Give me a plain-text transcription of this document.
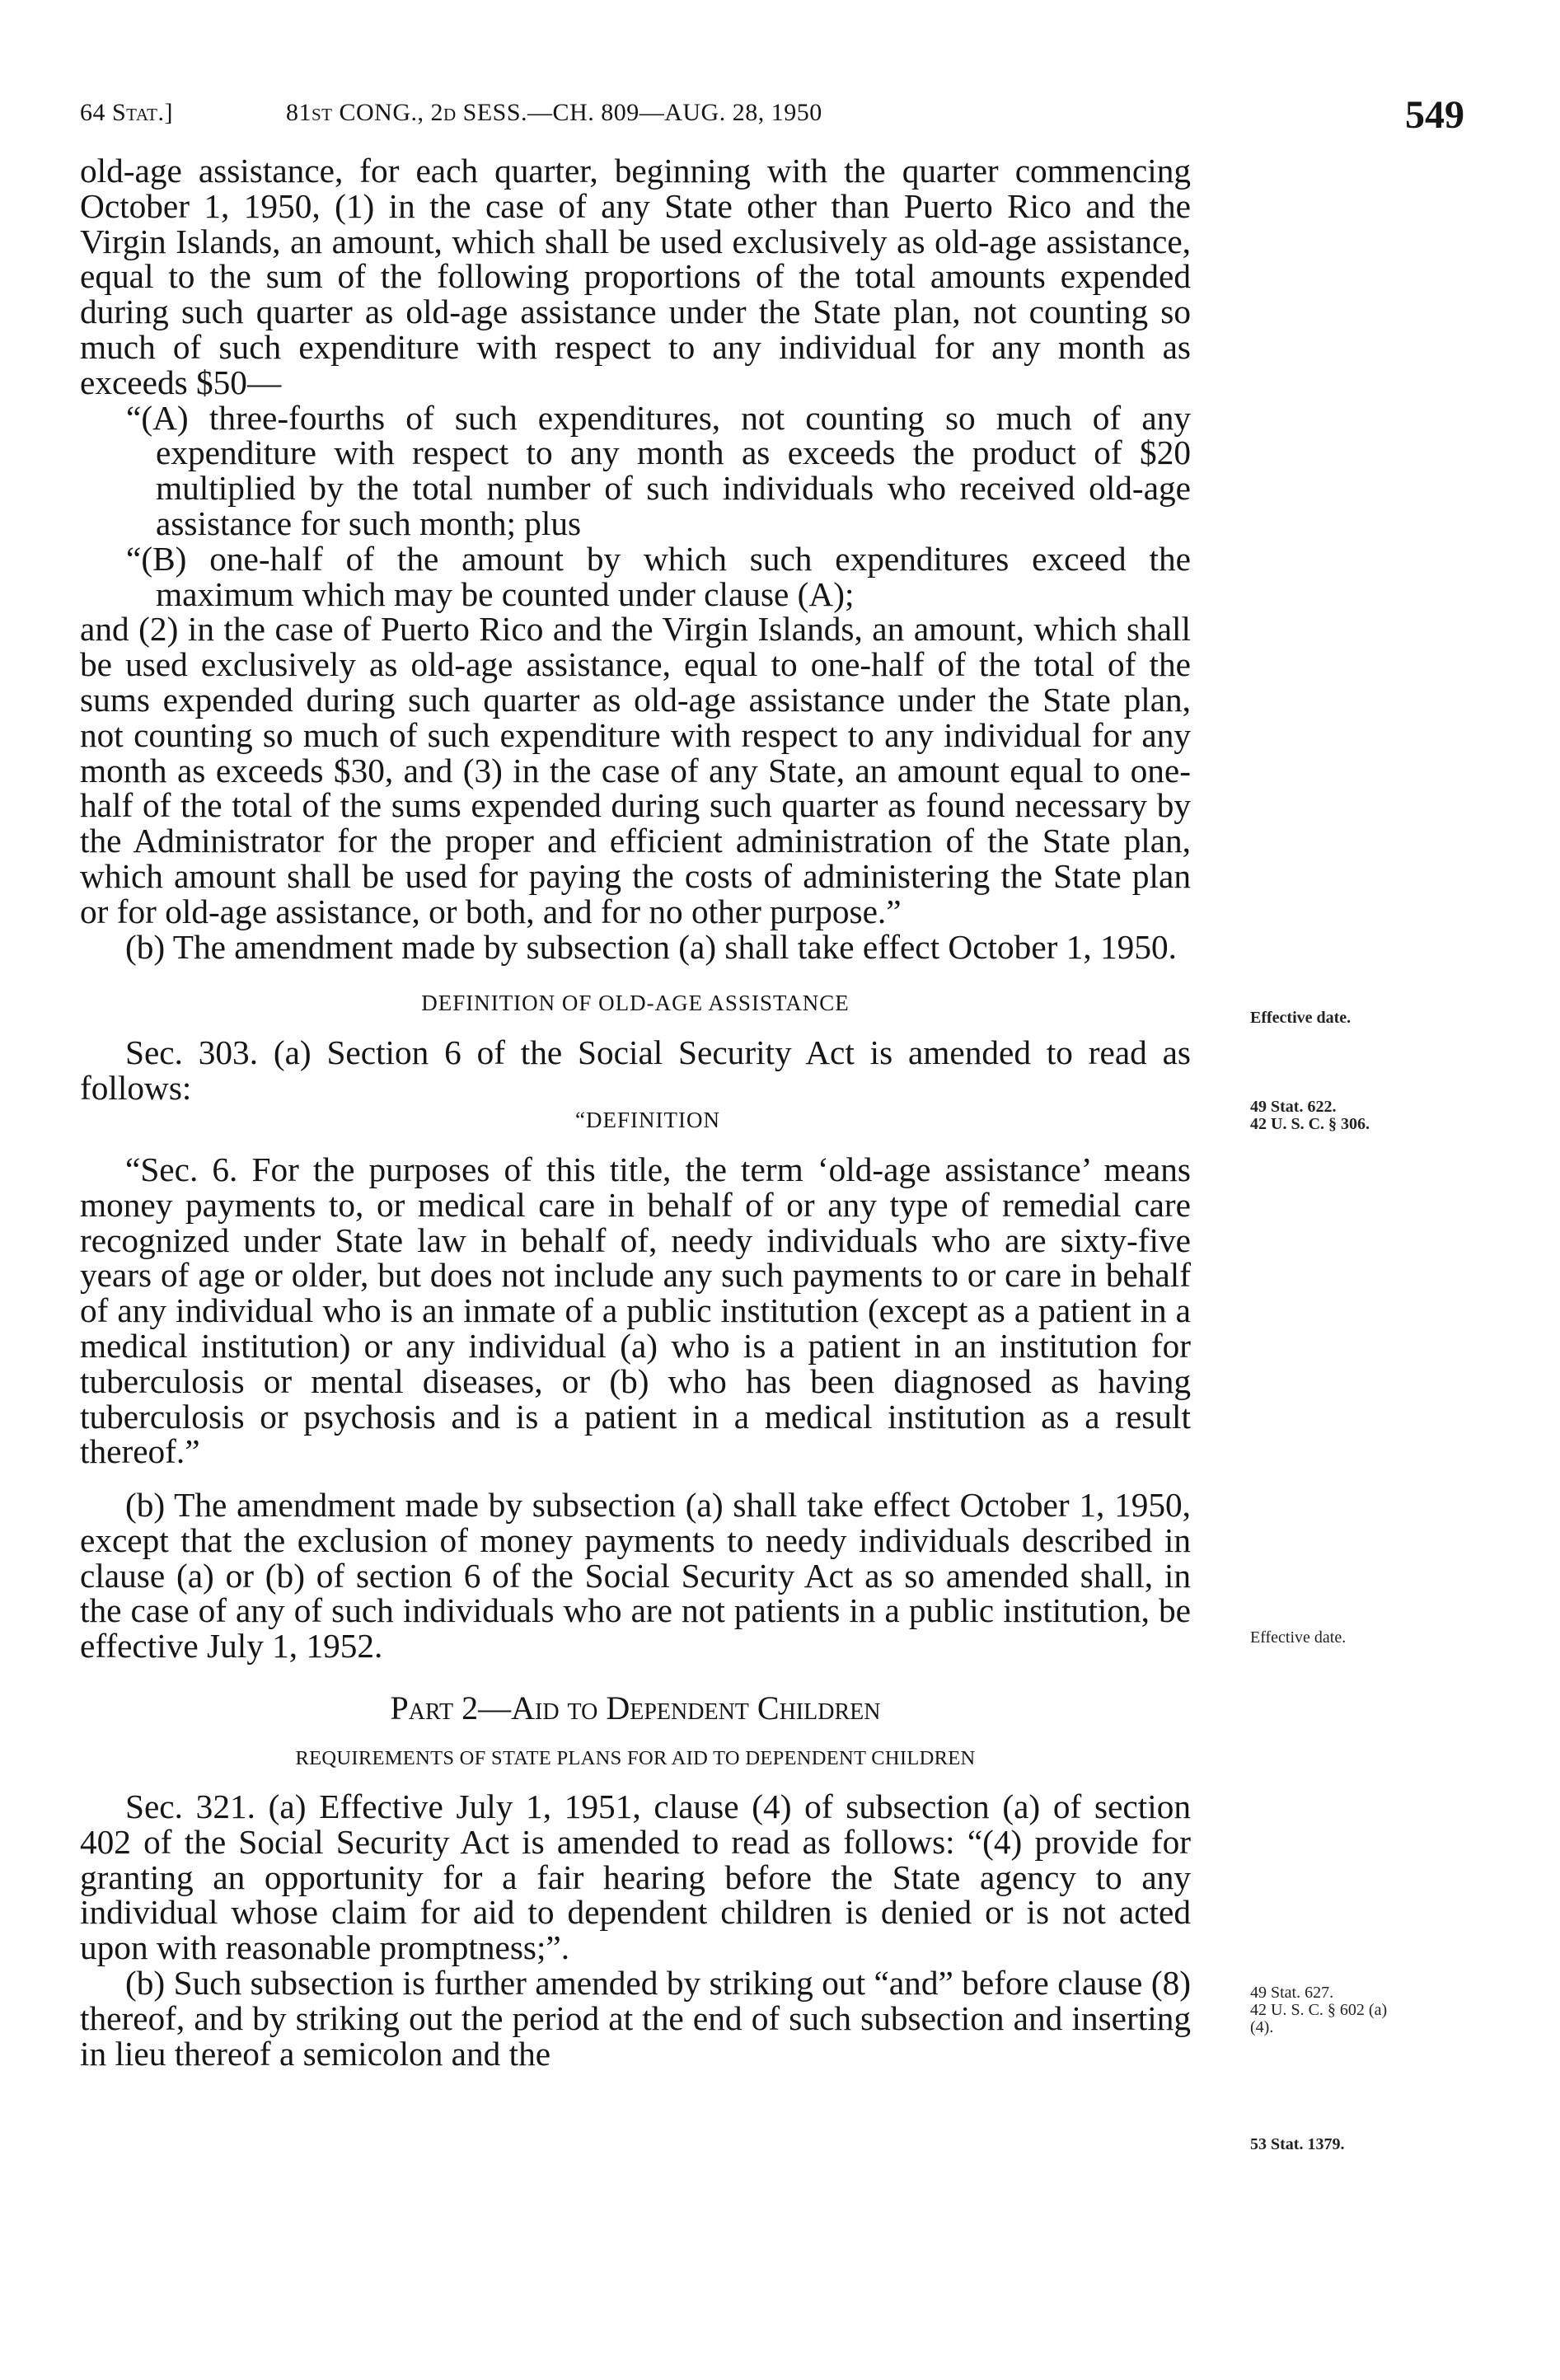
64 Stat.]	81st CONG., 2d SESS.—CH. 809—AUG. 28, 1950	549

old-age assistance, for each quarter, beginning with the quarter commencing October 1, 1950, (1) in the case of any State other than Puerto Rico and the Virgin Islands, an amount, which shall be used exclusively as old-age assistance, equal to the sum of the following proportions of the total amounts expended during such quarter as old-age assistance under the State plan, not counting so much of such expenditure with respect to any individual for any month as exceeds $50—

“(A) three-fourths of such expenditures, not counting so much of any expenditure with respect to any month as exceeds the product of $20 multiplied by the total number of such individuals who received old-age assistance for such month; plus

“(B) one-half of the amount by which such expenditures exceed the maximum which may be counted under clause (A);

and (2) in the case of Puerto Rico and the Virgin Islands, an amount, which shall be used exclusively as old-age assistance, equal to one-half of the total of the sums expended during such quarter as old-age assistance under the State plan, not counting so much of such expenditure with respect to any individual for any month as exceeds $30, and (3) in the case of any State, an amount equal to one-half of the total of the sums expended during such quarter as found necessary by the Administrator for the proper and efficient administration of the State plan, which amount shall be used for paying the costs of administering the State plan or for old-age assistance, or both, and for no other purpose.”

(b) The amendment made by subsection (a) shall take effect October 1, 1950.

DEFINITION OF OLD-AGE ASSISTANCE

Sec. 303. (a) Section 6 of the Social Security Act is amended to read as follows:

“DEFINITION

“Sec. 6. For the purposes of this title, the term ‘old-age assistance’ means money payments to, or medical care in behalf of or any type of remedial care recognized under State law in behalf of, needy individuals who are sixty-five years of age or older, but does not include any such payments to or care in behalf of any individual who is an inmate of a public institution (except as a patient in a medical institution) or any individual (a) who is a patient in an institution for tuberculosis or mental diseases, or (b) who has been diagnosed as having tuberculosis or psychosis and is a patient in a medical institution as a result thereof.”

(b) The amendment made by subsection (a) shall take effect October 1, 1950, except that the exclusion of money payments to needy individuals described in clause (a) or (b) of section 6 of the Social Security Act as so amended shall, in the case of any of such individuals who are not patients in a public institution, be effective July 1, 1952.

Part 2—Aid to Dependent Children

REQUIREMENTS OF STATE PLANS FOR AID TO DEPENDENT CHILDREN

Sec. 321. (a) Effective July 1, 1951, clause (4) of subsection (a) of section 402 of the Social Security Act is amended to read as follows: “(4) provide for granting an opportunity for a fair hearing before the State agency to any individual whose claim for aid to dependent children is denied or is not acted upon with reasonable promptness;”.

(b) Such subsection is further amended by striking out “and” before clause (8) thereof, and by striking out the period at the end of such subsection and inserting in lieu thereof a semicolon and the

Effective date.
49 Stat. 622.
42 U. S. C. § 306.
Effective date.
49 Stat. 627.
42 U. S. C. § 602 (a)
(4).
53 Stat. 1379.
